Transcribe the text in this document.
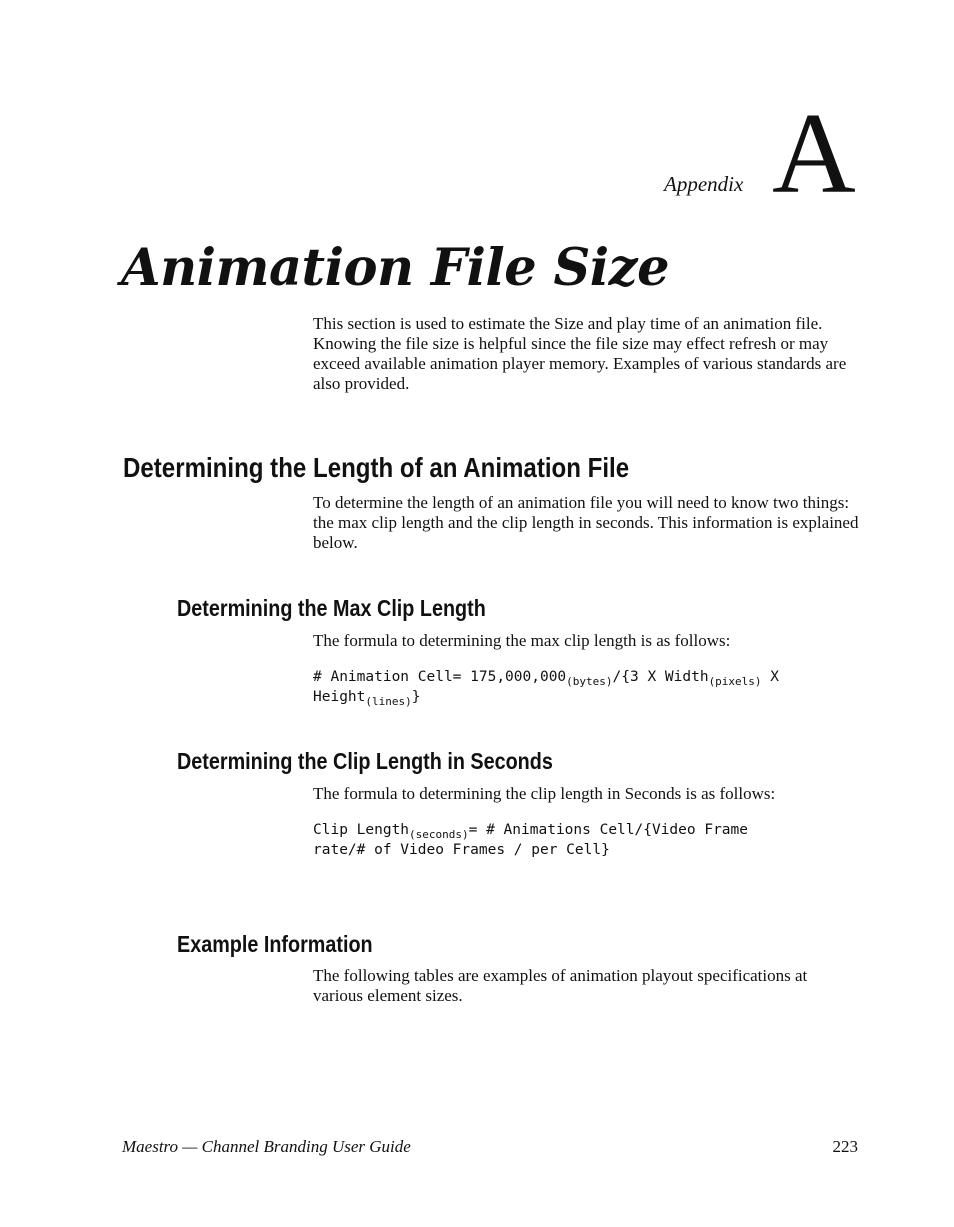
Appendix A
Animation File Size
This section is used to estimate the Size and play time of an animation file. Knowing the file size is helpful since the file size may effect refresh or may exceed available animation player memory. Examples of various standards are also provided.
Determining the Length of an Animation File
To determine the length of an animation file you will need to know two things: the max clip length and the clip length in seconds. This information is explained below.
Determining the Max Clip Length
The formula to determining the max clip length is as follows:
# Animation Cell= $175,000,000_{(bytes)}/\{3$ X Width$_{(pixels)}$ X
Height$_{(lines)}$}
Determining the Clip Length in Seconds
The formula to determining the clip length in Seconds is as follows:
Clip Length$_{(seconds)}$= # Animations Cell/{Video Frame
rate/# of Video Frames / per Cell}
Example Information
The following tables are examples of animation playout specifications at various element sizes.
Maestro — Channel Branding User Guide	223
